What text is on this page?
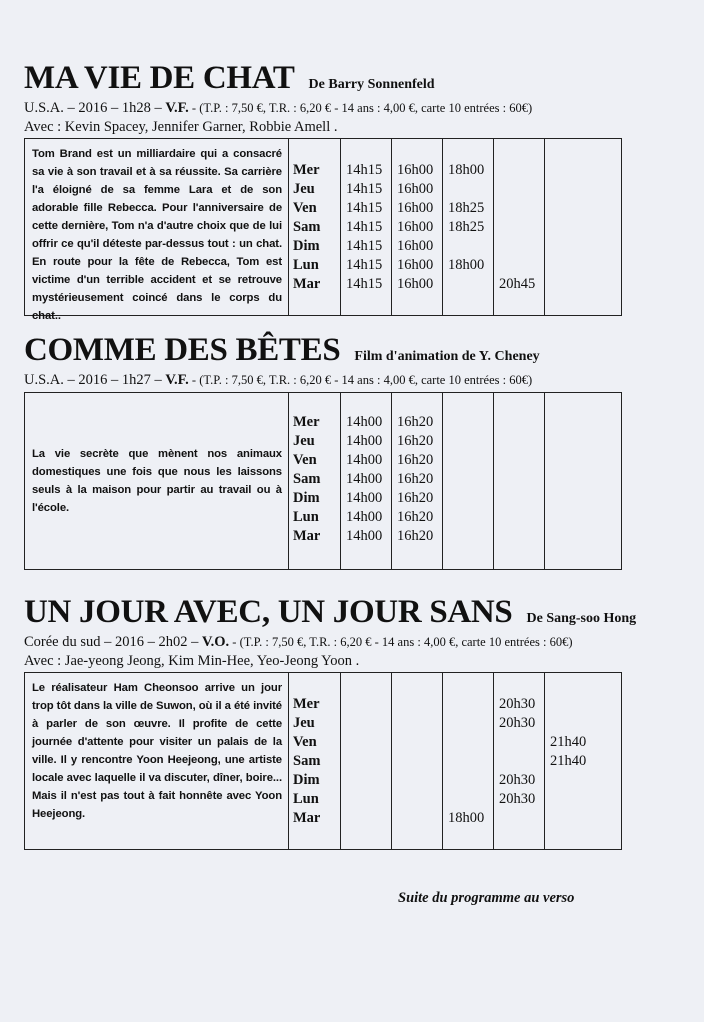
MA VIE DE CHAT De Barry Sonnenfeld
U.S.A. – 2016 – 1h28 – V.F. - (T.P. : 7,50 €, T.R. : 6,20 € - 14 ans : 4,00 €, carte 10 entrées : 60€)
Avec : Kevin Spacey, Jennifer Garner, Robbie Amell .
Tom Brand est un milliardaire qui a consacré sa vie à son travail et à sa réussite. Sa carrière l'a éloigné de sa femme Lara et de son adorable fille Rebecca. Pour l'anniversaire de cette dernière, Tom n'a d'autre choix que de lui offrir ce qu'il déteste par-dessus tout : un chat. En route pour la fête de Rebecca, Tom est victime d'un terrible accident et se retrouve mystérieusement coincé dans le corps du chat..
Mer
Jeu
Ven
Sam
Dim
Lun
Mar
14h15
14h15
14h15
14h15
14h15
14h15
14h15
16h00
16h00
16h00
16h00
16h00
16h00
16h00
18h00
18h25
18h25
18h00
20h45
COMME DES BÊTES Film d'animation de Y. Cheney
U.S.A. – 2016 – 1h27 – V.F. - (T.P. : 7,50 €, T.R. : 6,20 € - 14 ans : 4,00 €, carte 10 entrées : 60€)
La vie secrète que mènent nos animaux domestiques une fois que nous les laissons seuls à la maison pour partir au travail ou à l'école.
Mer
Jeu
Ven
Sam
Dim
Lun
Mar
14h00
14h00
14h00
14h00
14h00
14h00
14h00
16h20
16h20
16h20
16h20
16h20
16h20
16h20
UN JOUR AVEC, UN JOUR SANS De Sang-soo Hong
Corée du sud – 2016 – 2h02 – V.O. - (T.P. : 7,50 €, T.R. : 6,20 € - 14 ans : 4,00 €, carte 10 entrées : 60€)
Avec : Jae-yeong Jeong, Kim Min-Hee, Yeo-Jeong Yoon .
Le réalisateur Ham Cheonsoo arrive un jour trop tôt dans la ville de Suwon, où il a été invité à parler de son œuvre. Il profite de cette journée d'attente pour visiter un palais de la ville. Il y rencontre Yoon Heejeong, une artiste locale avec laquelle il va discuter, dîner, boire... Mais il n'est pas tout à fait honnête avec Yoon Heejeong.
Mer
Jeu
Ven
Sam
Dim
Lun
Mar	18h00
20h30
20h30
20h30
20h30
21h40
21h40
Suite du programme au verso
